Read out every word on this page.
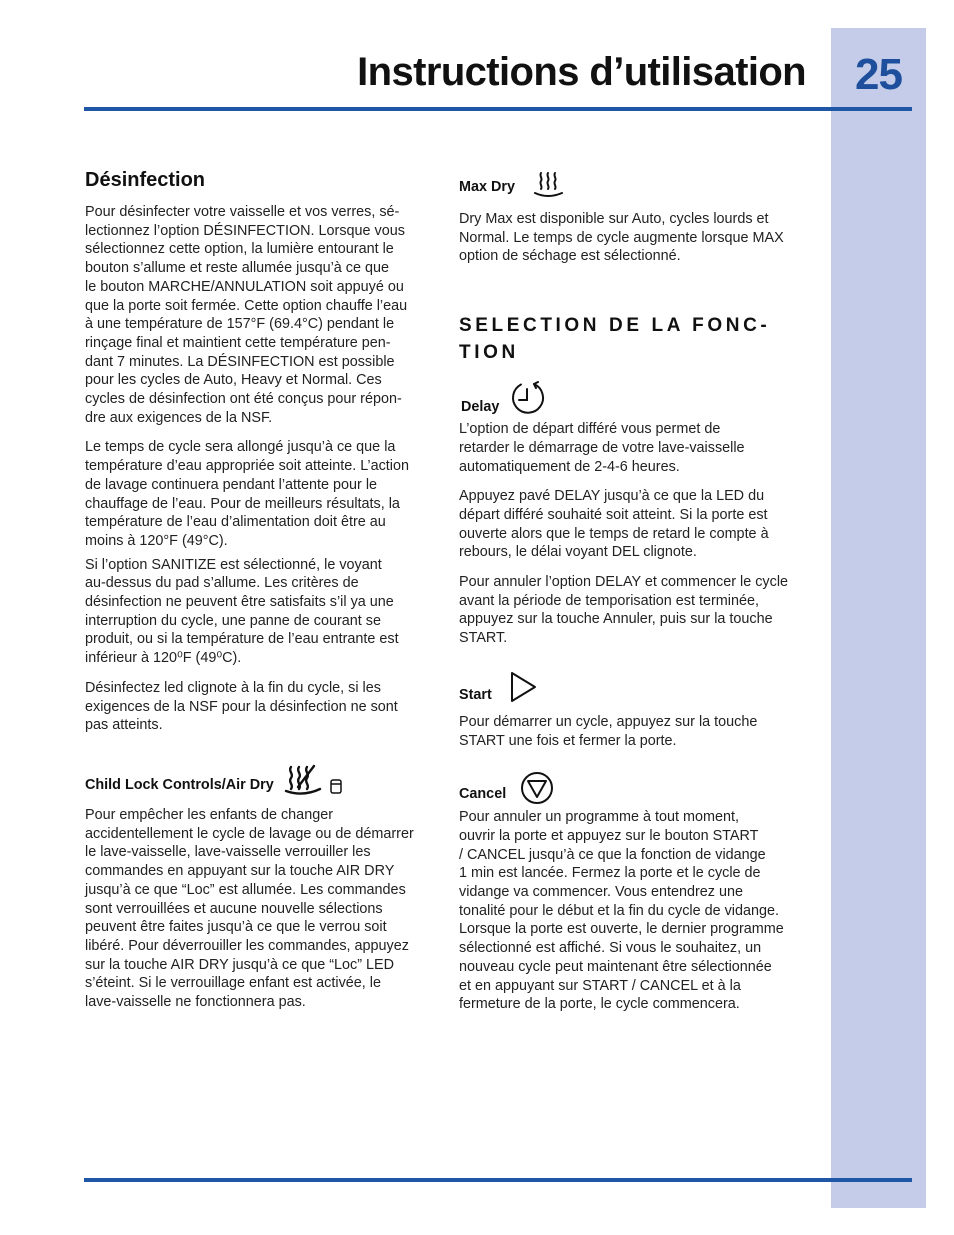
25
Instructions d’utilisation
Désinfection

Pour désinfecter votre vaisselle et vos verres, sé-
lectionnez l’option DÉSINFECTION. Lorsque vous
sélectionnez cette option, la lumière entourant le
bouton s’allume et reste allumée jusqu’à ce que
le bouton MARCHE/ANNULATION soit appuyé ou
que la porte soit fermée. Cette option chauffe l’eau
à une température de 157°F (69.4°C) pendant le
rinçage final et maintient cette température pen-
dant 7 minutes. La DÉSINFECTION est possible
pour les cycles de Auto, Heavy et Normal. Ces
cycles de désinfection ont été conçus pour répon-
dre aux exigences de la NSF.

Le temps de cycle sera allongé jusqu’à ce que la
température d’eau appropriée soit atteinte. L’action
de lavage continuera pendant l’attente pour le
chauffage de l’eau. Pour de meilleurs résultats, la
température de l’eau d’alimentation doit être au
moins à 120°F (49°C).

Si l’option SANITIZE est sélectionné, le voyant
au-dessus du pad s’allume. Les critères de
désinfection ne peuvent être satisfaits s’il ya une
interruption du cycle, une panne de courant se
produit, ou si la température de l’eau entrante est
inférieur à 120⁰F (49⁰C).

Désinfectez led clignote à la fin du cycle, si les
exigences de la NSF pour la désinfection ne sont
pas atteints.

Child Lock Controls/Air Dry

Pour empêcher les enfants de changer
accidentellement le cycle de lavage ou de démarrer
le lave-vaisselle, lave-vaisselle verrouiller les
commandes en appuyant sur la touche AIR DRY
jusqu’à ce que “Loc” est allumée. Les commandes
sont verrouillées et aucune nouvelle sélections
peuvent être faites jusqu’à ce que le verrou soit
libéré. Pour déverrouiller les commandes, appuyez
sur la touche AIR DRY jusqu’à ce que “Loc” LED
s’éteint. Si le verrouillage enfant est activée, le
lave-vaisselle ne fonctionnera pas.

Max Dry

Dry Max est disponible sur Auto, cycles lourds et
Normal. Le temps de cycle augmente lorsque MAX
option de séchage est sélectionné.

SELECTION DE LA FONC-
TION
Delay

L’option de départ différé vous permet de
retarder le démarrage de votre lave-vaisselle
automatiquement de 2-4-6 heures.

Appuyez pavé DELAY jusqu’à ce que la LED du
départ différé souhaité soit atteint. Si la porte est
ouverte alors que le temps de retard le compte à
rebours, le délai voyant DEL clignote.

Pour annuler l’option DELAY et commencer le cycle
avant la période de temporisation est terminée,
appuyez sur la touche Annuler, puis sur la touche
START.

Start

Pour démarrer un cycle, appuyez sur la touche
START une fois et fermer la porte.

Cancel

Pour annuler un programme à tout moment,
ouvrir la porte et appuyez sur le bouton START
/ CANCEL jusqu’à ce que la fonction de vidange
1 min est lancée. Fermez la porte et le cycle de
vidange va commencer. Vous entendrez une
tonalité pour le début et la fin du cycle de vidange.
Lorsque la porte est ouverte, le dernier programme
sélectionné est affiché. Si vous le souhaitez, un
nouveau cycle peut maintenant être sélectionnée
et en appuyant sur START / CANCEL et à la
fermeture de la porte, le cycle commencera.
